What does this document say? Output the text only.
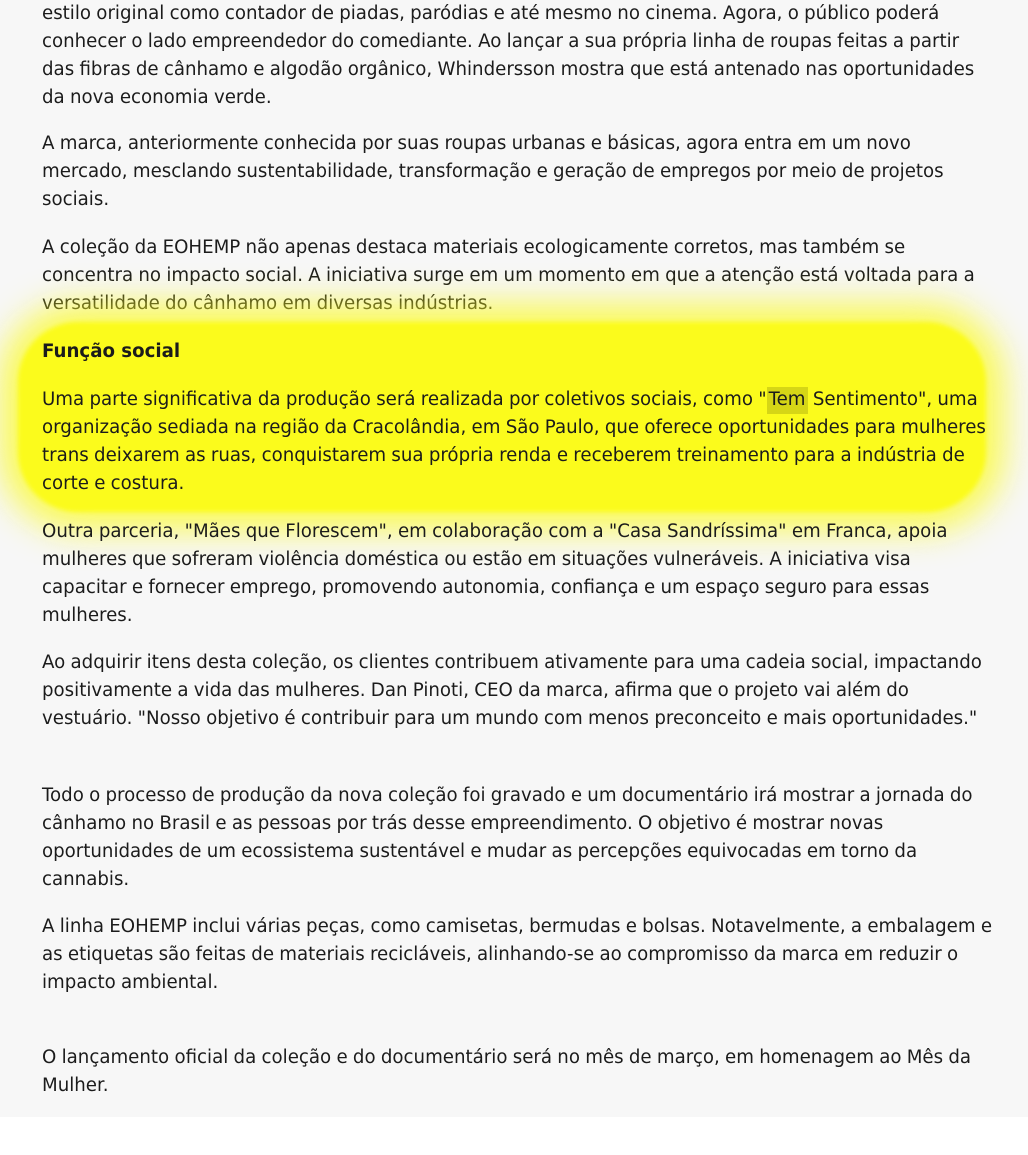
estilo original como contador de piadas, paródias e até mesmo no cinema. Agora, o público poderá conhecer o lado empreendedor do comediante. Ao lançar a sua própria linha de roupas feitas a partir das fibras de cânhamo e algodão orgânico, Whindersson mostra que está antenado nas oportunidades da nova economia verde.

A marca, anteriormente conhecida por suas roupas urbanas e básicas, agora entra em um novo mercado, mesclando sustentabilidade, transformação e geração de empregos por meio de projetos sociais.

A coleção da EOHEMP não apenas destaca materiais ecologicamente corretos, mas também se concentra no impacto social. A iniciativa surge em um momento em que a atenção está voltada para a versatilidade do cânhamo em diversas indústrias.

Função social

Uma parte significativa da produção será realizada por coletivos sociais, como " Tem Sentimento", uma organização sediada na região da Cracolândia, em São Paulo, que oferece oportunidades para mulheres trans deixarem as ruas, conquistarem sua própria renda e receberem treinamento para a indústria de corte e costura.

Outra parceria, "Mães que Florescem", em colaboração com a "Casa Sandríssima" em Franca, apoia mulheres que sofreram violência doméstica ou estão em situações vulneráveis. A iniciativa visa capacitar e fornecer emprego, promovendo autonomia, confiança e um espaço seguro para essas mulheres.

Ao adquirir itens desta coleção, os clientes contribuem ativamente para uma cadeia social, impactando positivamente a vida das mulheres. Dan Pinoti, CEO da marca, afirma que o projeto vai além do vestuário. "Nosso objetivo é contribuir para um mundo com menos preconceito e mais oportunidades."

Todo o processo de produção da nova coleção foi gravado e um documentário irá mostrar a jornada do cânhamo no Brasil e as pessoas por trás desse empreendimento. O objetivo é mostrar novas oportunidades de um ecossistema sustentável e mudar as percepções equivocadas em torno da cannabis.

A linha EOHEMP inclui várias peças, como camisetas, bermudas e bolsas. Notavelmente, a embalagem e as etiquetas são feitas de materiais recicláveis, alinhando-se ao compromisso da marca em reduzir o impacto ambiental.

O lançamento oficial da coleção e do documentário será no mês de março, em homenagem ao Mês da Mulher.
